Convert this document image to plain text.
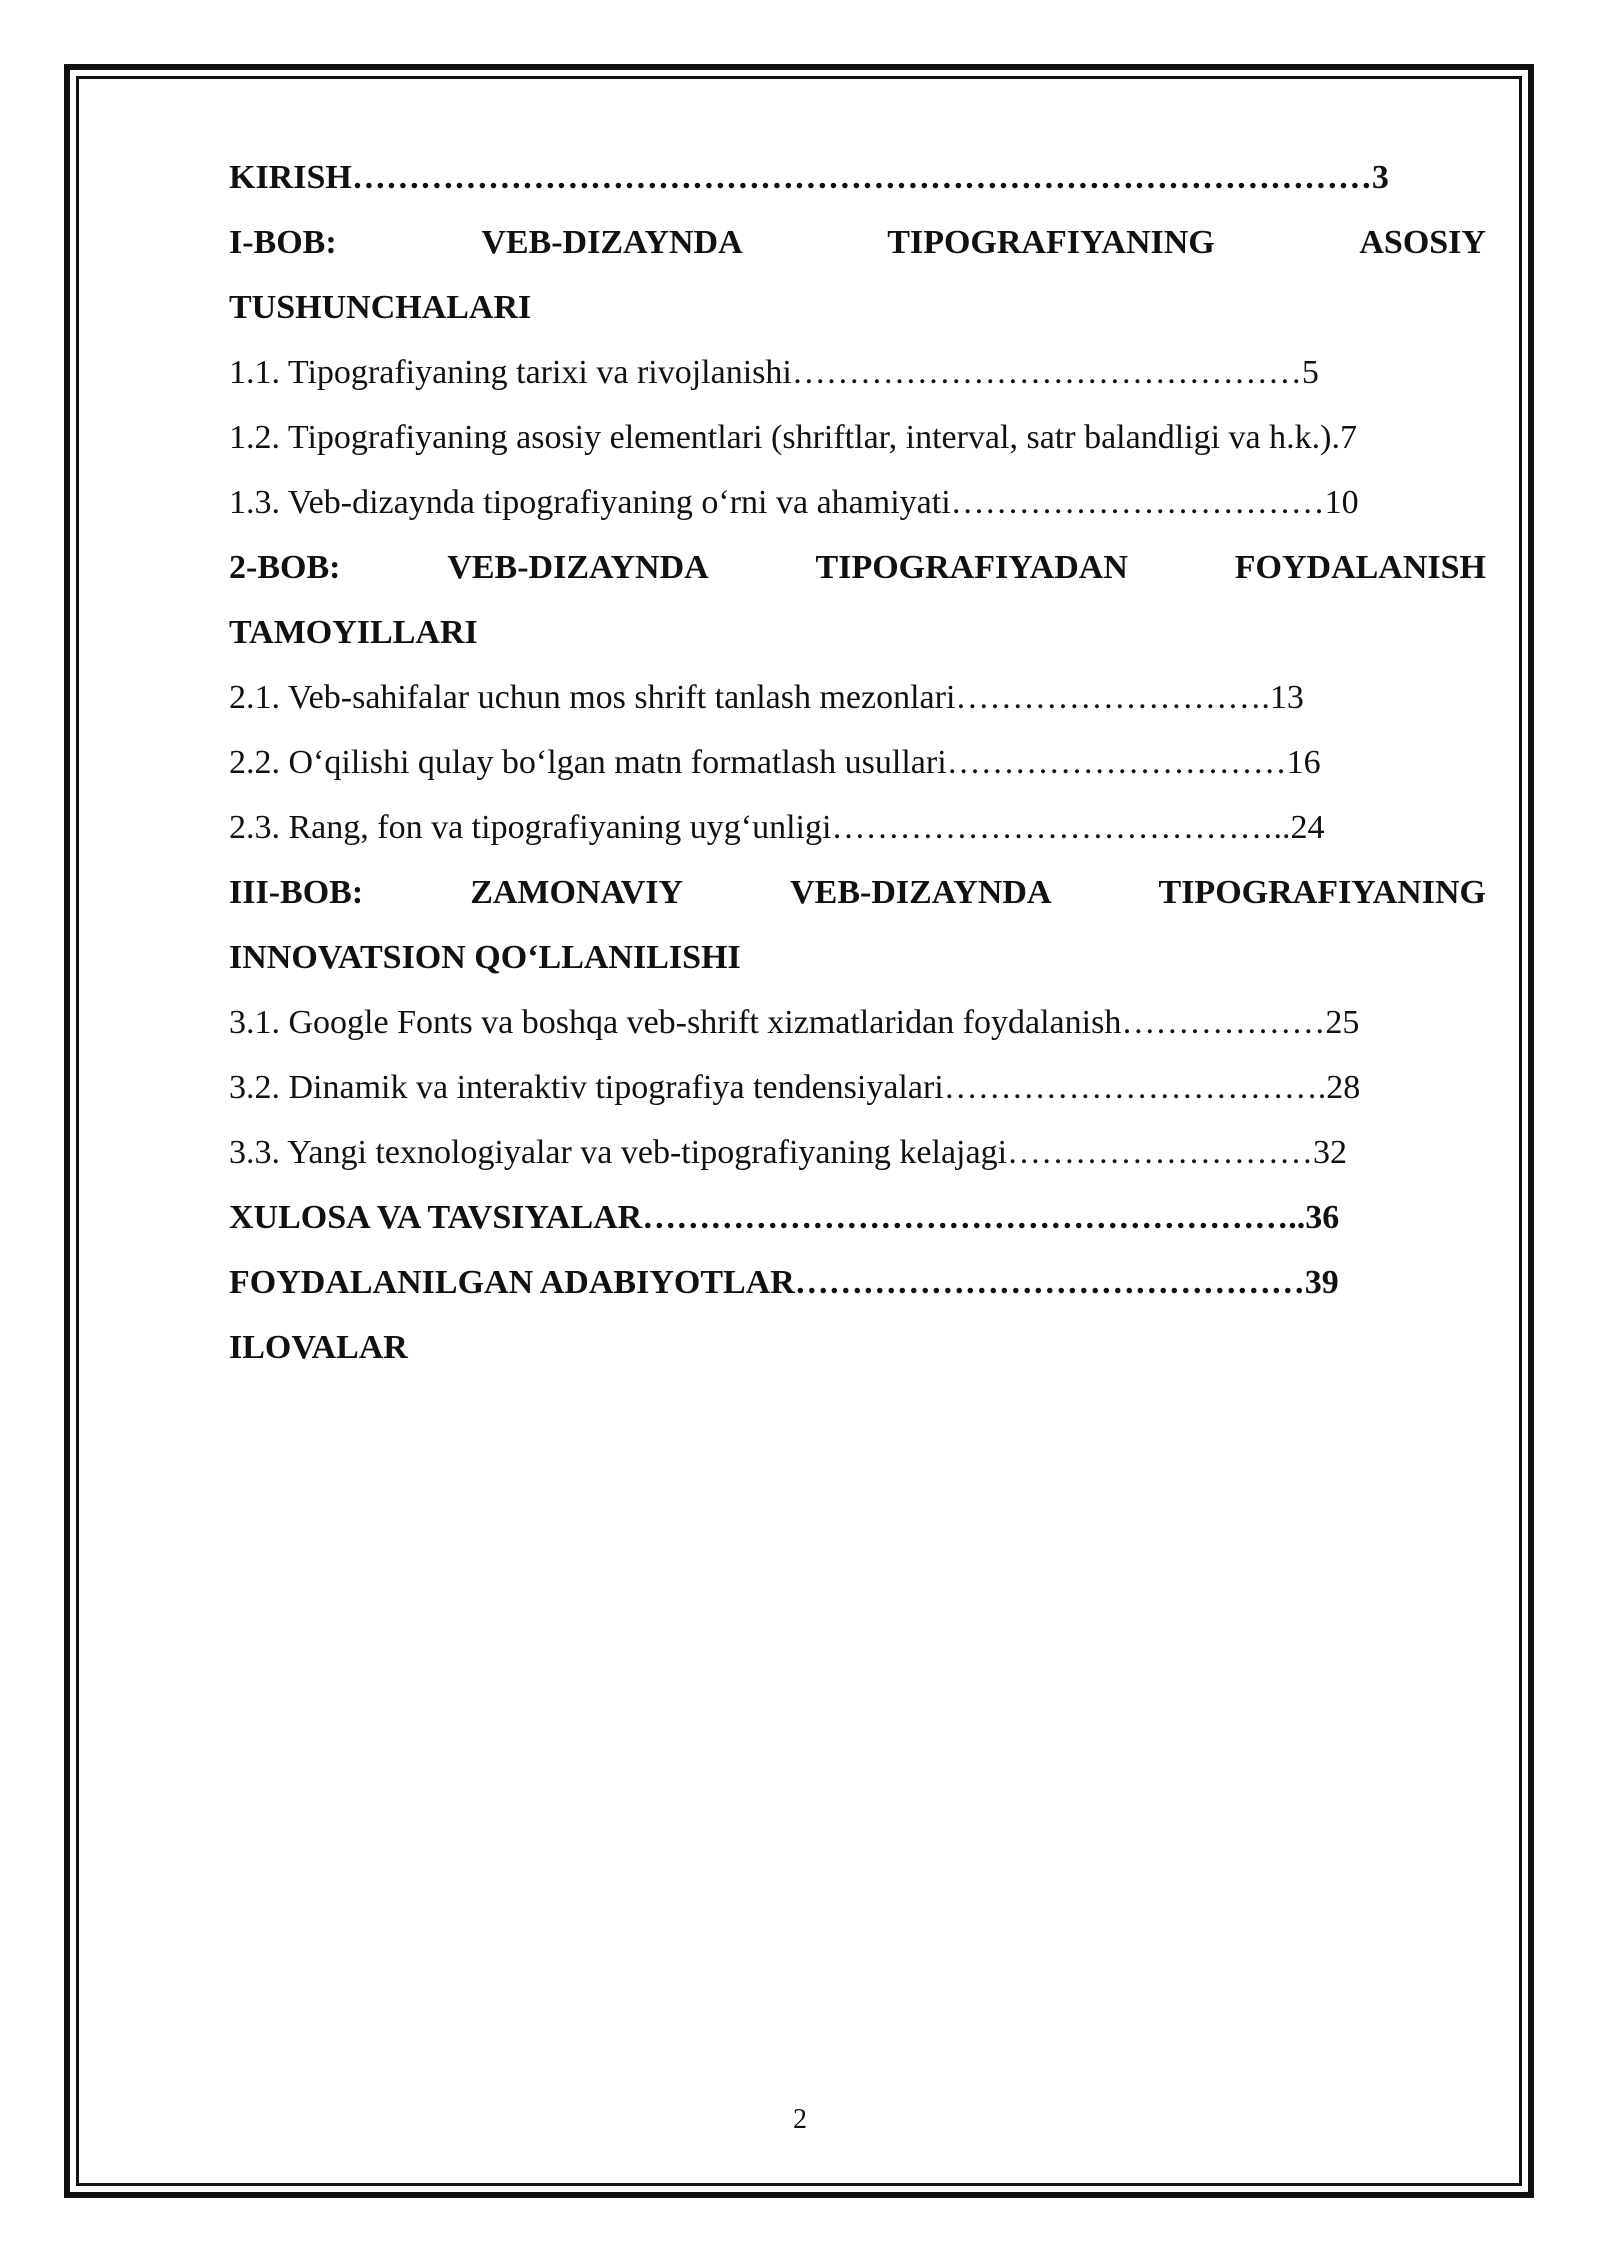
KIRISH………………………………………………………………………………3
I-BOB:	VEB-DIZAYNDA	TIPOGRAFIYANING	ASOSIY
TUSHUNCHALARI
1.1. Tipografiyaning tarixi va rivojlanishi………………………………………5
1.2. Tipografiyaning asosiy elementlari (shriftlar, interval, satr balandligi va h.k.).7
1.3. Veb-dizaynda tipografiyaning o‘rni va ahamiyati……………………………10
2-BOB:	VEB-DIZAYNDA	TIPOGRAFIYADAN	FOYDALANISH
TAMOYILLARI
2.1. Veb-sahifalar uchun mos shrift tanlash mezonlari……………………….13
2.2. O‘qilishi qulay bo‘lgan matn formatlash usullari…………………………16
2.3. Rang, fon va tipografiyaning uyg‘unligi…………………………………..24
III-BOB:	ZAMONAVIY	VEB-DIZAYNDA	TIPOGRAFIYANING
INNOVATSION QO‘LLANILISHI
3.1. Google Fonts va boshqa veb-shrift xizmatlaridan foydalanish………………25
3.2. Dinamik va interaktiv tipografiya tendensiyalari…………………………….28
3.3. Yangi texnologiyalar va veb-tipografiyaning kelajagi………………………32
XULOSA VA TAVSIYALAR…………………………………………………..36
FOYDALANILGAN ADABIYOTLAR………………………………………39
ILOVALAR
2
